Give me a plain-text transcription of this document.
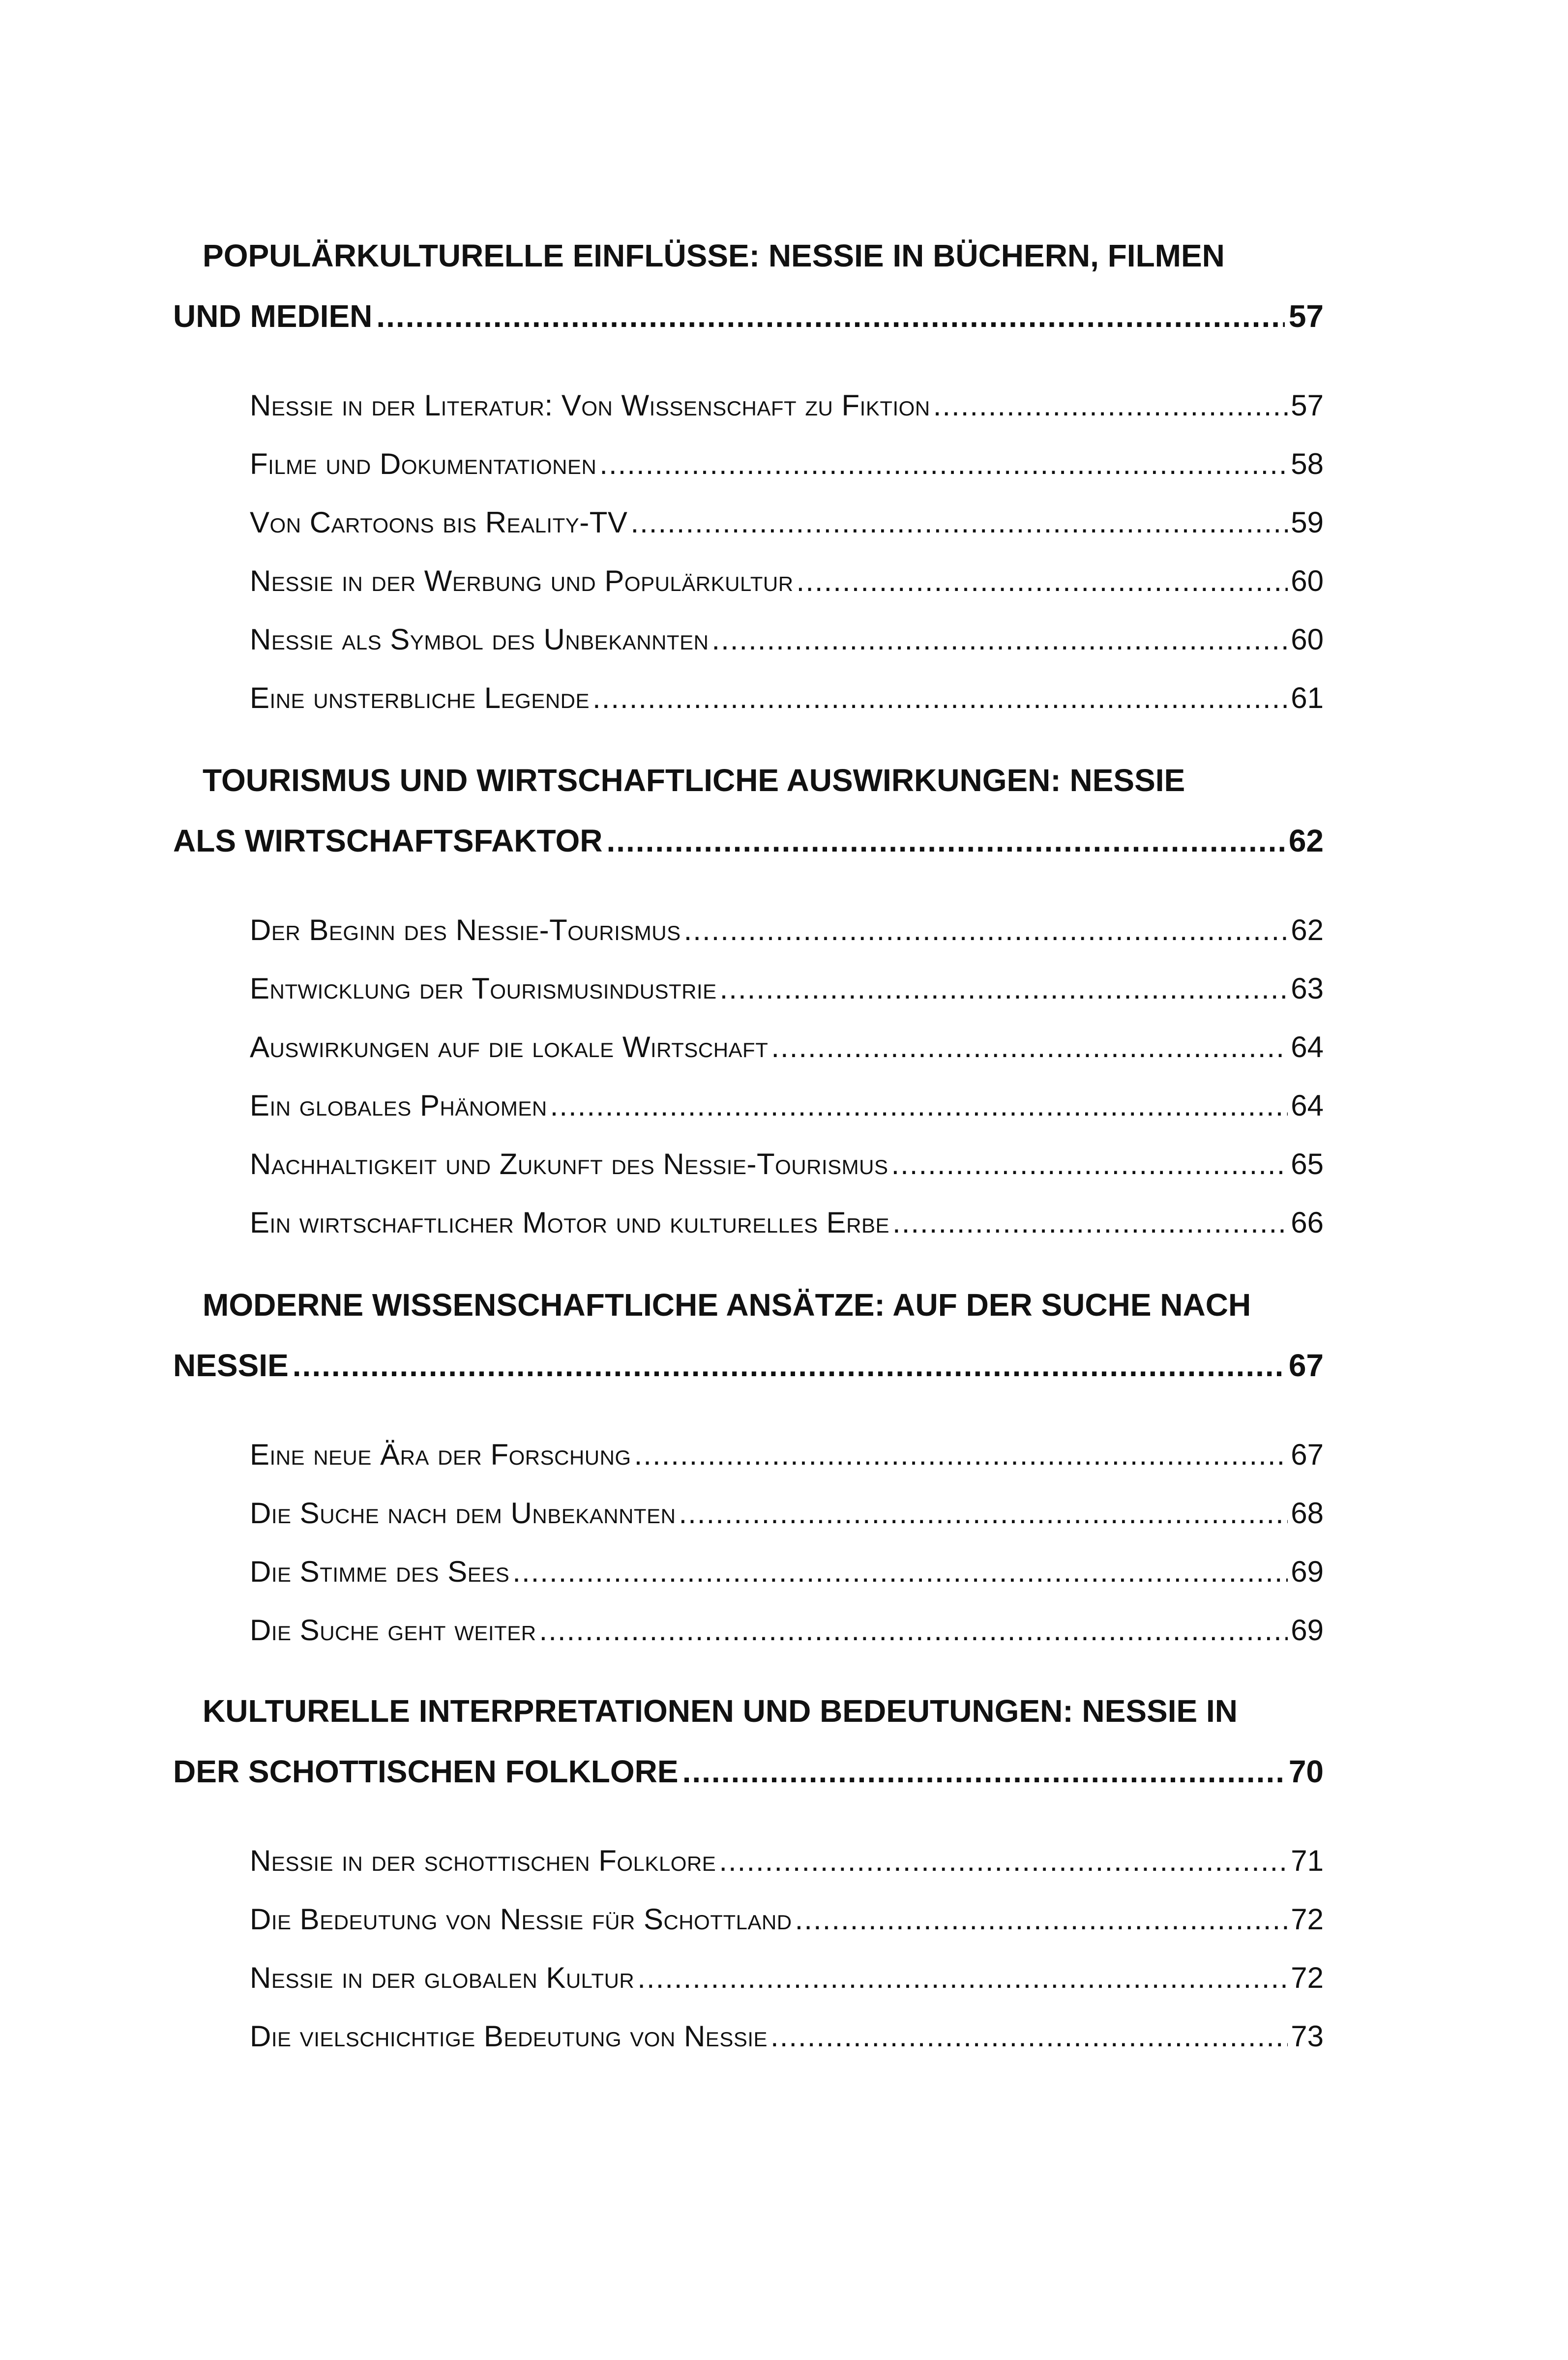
POPULÄRKULTURELLE EINFLÜSSE: NESSIE IN BÜCHERN, FILMEN
UND MEDIEN .....	57
Nessie in der Literatur: Von Wissenschaft zu Fiktion .....	57
Filme und Dokumentationen .....	58
Von Cartoons bis Reality-TV .....	59
Nessie in der Werbung und Populärkultur .....	60
Nessie als Symbol des Unbekannten .....	60
Eine unsterbliche Legende .....	61
TOURISMUS UND WIRTSCHAFTLICHE AUSWIRKUNGEN: NESSIE
ALS WIRTSCHAFTSFAKTOR .....	62
Der Beginn des Nessie-Tourismus .....	62
Entwicklung der Tourismusindustrie .....	63
Auswirkungen auf die lokale Wirtschaft .....	64
Ein globales Phänomen .....	64
Nachhaltigkeit und Zukunft des Nessie-Tourismus .....	65
Ein wirtschaftlicher Motor und kulturelles Erbe .....	66
MODERNE WISSENSCHAFTLICHE ANSÄTZE: AUF DER SUCHE NACH
NESSIE .....	67
Eine neue Ära der Forschung .....	67
Die Suche nach dem Unbekannten .....	68
Die Stimme des Sees .....	69
Die Suche geht weiter .....	69
KULTURELLE INTERPRETATIONEN UND BEDEUTUNGEN: NESSIE IN
DER SCHOTTISCHEN FOLKLORE .....	70
Nessie in der schottischen Folklore .....	71
Die Bedeutung von Nessie für Schottland .....	72
Nessie in der globalen Kultur .....	72
Die vielschichtige Bedeutung von Nessie .....	73
